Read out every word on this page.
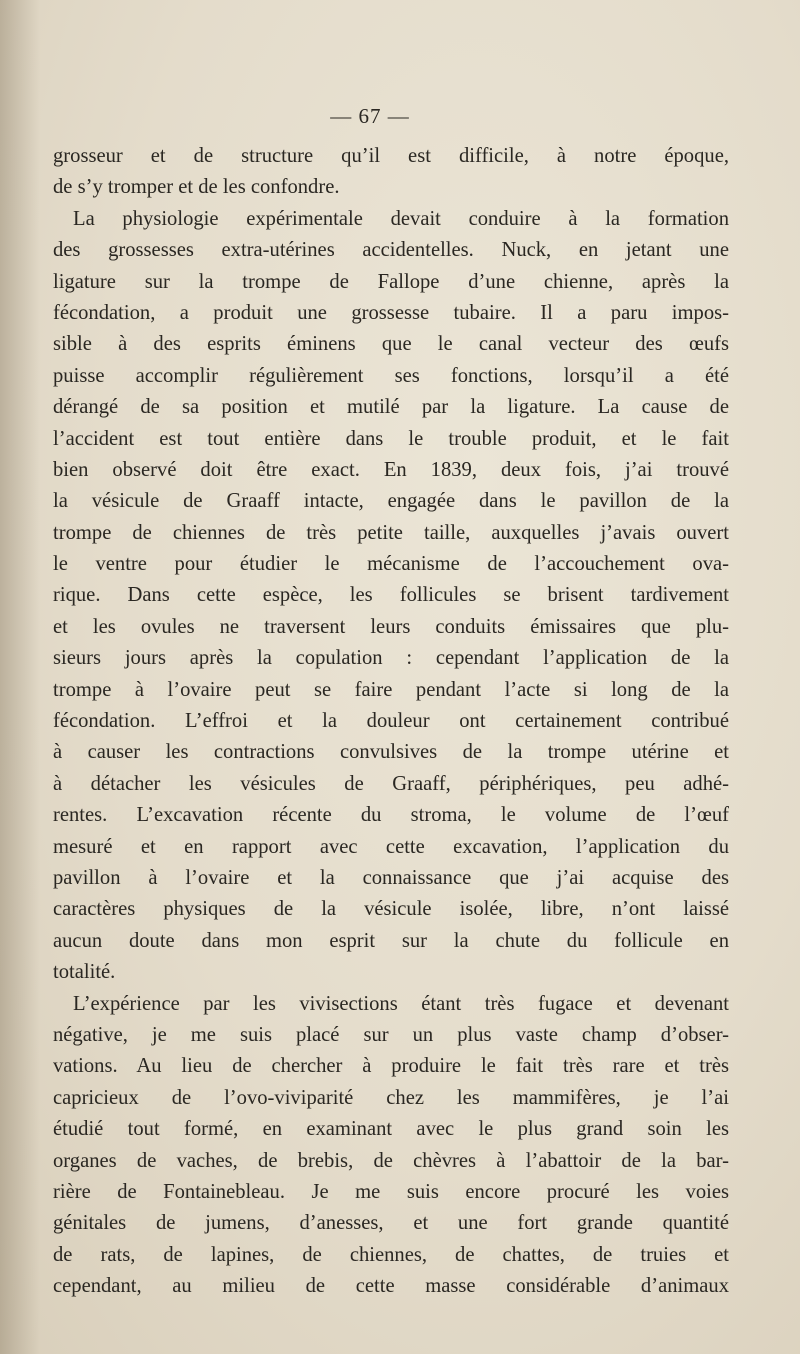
— 67 —
grosseur et de structure qu’il est difficile, à notre époque,
de s’y tromper et de les confondre.
La physiologie expérimentale devait conduire à la formation
des grossesses extra-utérines accidentelles. Nuck, en jetant une
ligature sur la trompe de Fallope d’une chienne, après la
fécondation, a produit une grossesse tubaire. Il a paru impos-
sible à des esprits éminens que le canal vecteur des œufs
puisse accomplir régulièrement ses fonctions, lorsqu’il a été
dérangé de sa position et mutilé par la ligature. La cause de
l’accident est tout entière dans le trouble produit, et le fait
bien observé doit être exact. En 1839, deux fois, j’ai trouvé
la vésicule de Graaff intacte, engagée dans le pavillon de la
trompe de chiennes de très petite taille, auxquelles j’avais ouvert
le ventre pour étudier le mécanisme de l’accouchement ova-
rique. Dans cette espèce, les follicules se brisent tardivement
et les ovules ne traversent leurs conduits émissaires que plu-
sieurs jours après la copulation : cependant l’application de la
trompe à l’ovaire peut se faire pendant l’acte si long de la
fécondation. L’effroi et la douleur ont certainement contribué
à causer les contractions convulsives de la trompe utérine et
à détacher les vésicules de Graaff, périphériques, peu adhé-
rentes. L’excavation récente du stroma, le volume de l’œuf
mesuré et en rapport avec cette excavation, l’application du
pavillon à l’ovaire et la connaissance que j’ai acquise des
caractères physiques de la vésicule isolée, libre, n’ont laissé
aucun doute dans mon esprit sur la chute du follicule en
totalité.
L’expérience par les vivisections étant très fugace et devenant
négative, je me suis placé sur un plus vaste champ d’obser-
vations. Au lieu de chercher à produire le fait très rare et très
capricieux de l’ovo-viviparité chez les mammifères, je l’ai
étudié tout formé, en examinant avec le plus grand soin les
organes de vaches, de brebis, de chèvres à l’abattoir de la bar-
rière de Fontainebleau. Je me suis encore procuré les voies
génitales de jumens, d’anesses, et une fort grande quantité
de rats, de lapines, de chiennes, de chattes, de truies et
cependant, au milieu de cette masse considérable d’animaux
